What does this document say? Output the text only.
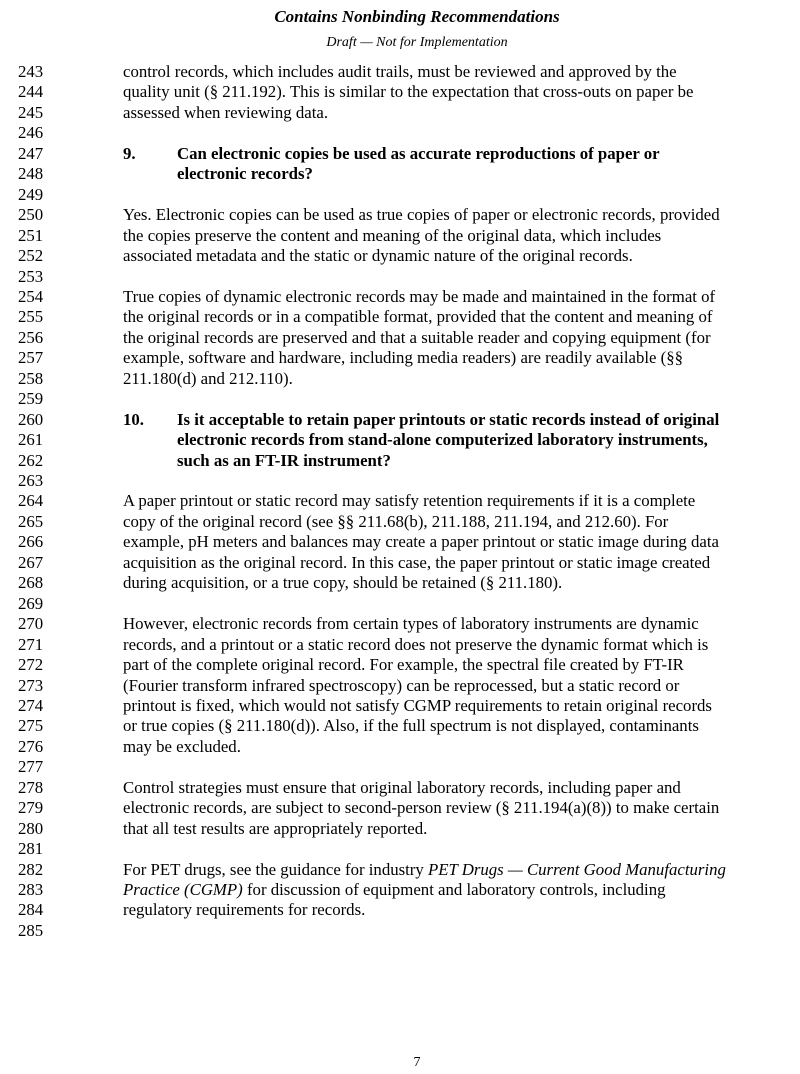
Contains Nonbinding Recommendations
Draft — Not for Implementation
243	control records, which includes audit trails, must be reviewed and approved by the
244	quality unit (§ 211.192). This is similar to the expectation that cross-outs on paper be
245	assessed when reviewing data.
246
247	9. Can electronic copies be used as accurate reproductions of paper or
248	electronic records?
249
250	Yes. Electronic copies can be used as true copies of paper or electronic records, provided
251	the copies preserve the content and meaning of the original data, which includes
252	associated metadata and the static or dynamic nature of the original records.
253
254	True copies of dynamic electronic records may be made and maintained in the format of
255	the original records or in a compatible format, provided that the content and meaning of
256	the original records are preserved and that a suitable reader and copying equipment (for
257	example, software and hardware, including media readers) are readily available (§§
258	211.180(d) and 212.110).
259
260	10. Is it acceptable to retain paper printouts or static records instead of original
261	electronic records from stand-alone computerized laboratory instruments,
262	such as an FT-IR instrument?
263
264	A paper printout or static record may satisfy retention requirements if it is a complete
265	copy of the original record (see §§ 211.68(b), 211.188, 211.194, and 212.60). For
266	example, pH meters and balances may create a paper printout or static image during data
267	acquisition as the original record. In this case, the paper printout or static image created
268	during acquisition, or a true copy, should be retained (§ 211.180).
269
270	However, electronic records from certain types of laboratory instruments are dynamic
271	records, and a printout or a static record does not preserve the dynamic format which is
272	part of the complete original record. For example, the spectral file created by FT-IR
273	(Fourier transform infrared spectroscopy) can be reprocessed, but a static record or
274	printout is fixed, which would not satisfy CGMP requirements to retain original records
275	or true copies (§ 211.180(d)). Also, if the full spectrum is not displayed, contaminants
276	may be excluded.
277
278	Control strategies must ensure that original laboratory records, including paper and
279	electronic records, are subject to second-person review (§ 211.194(a)(8)) to make certain
280	that all test results are appropriately reported.
281
282	For PET drugs, see the guidance for industry PET Drugs — Current Good Manufacturing
283	Practice (CGMP) for discussion of equipment and laboratory controls, including
284	regulatory requirements for records.
285
7
